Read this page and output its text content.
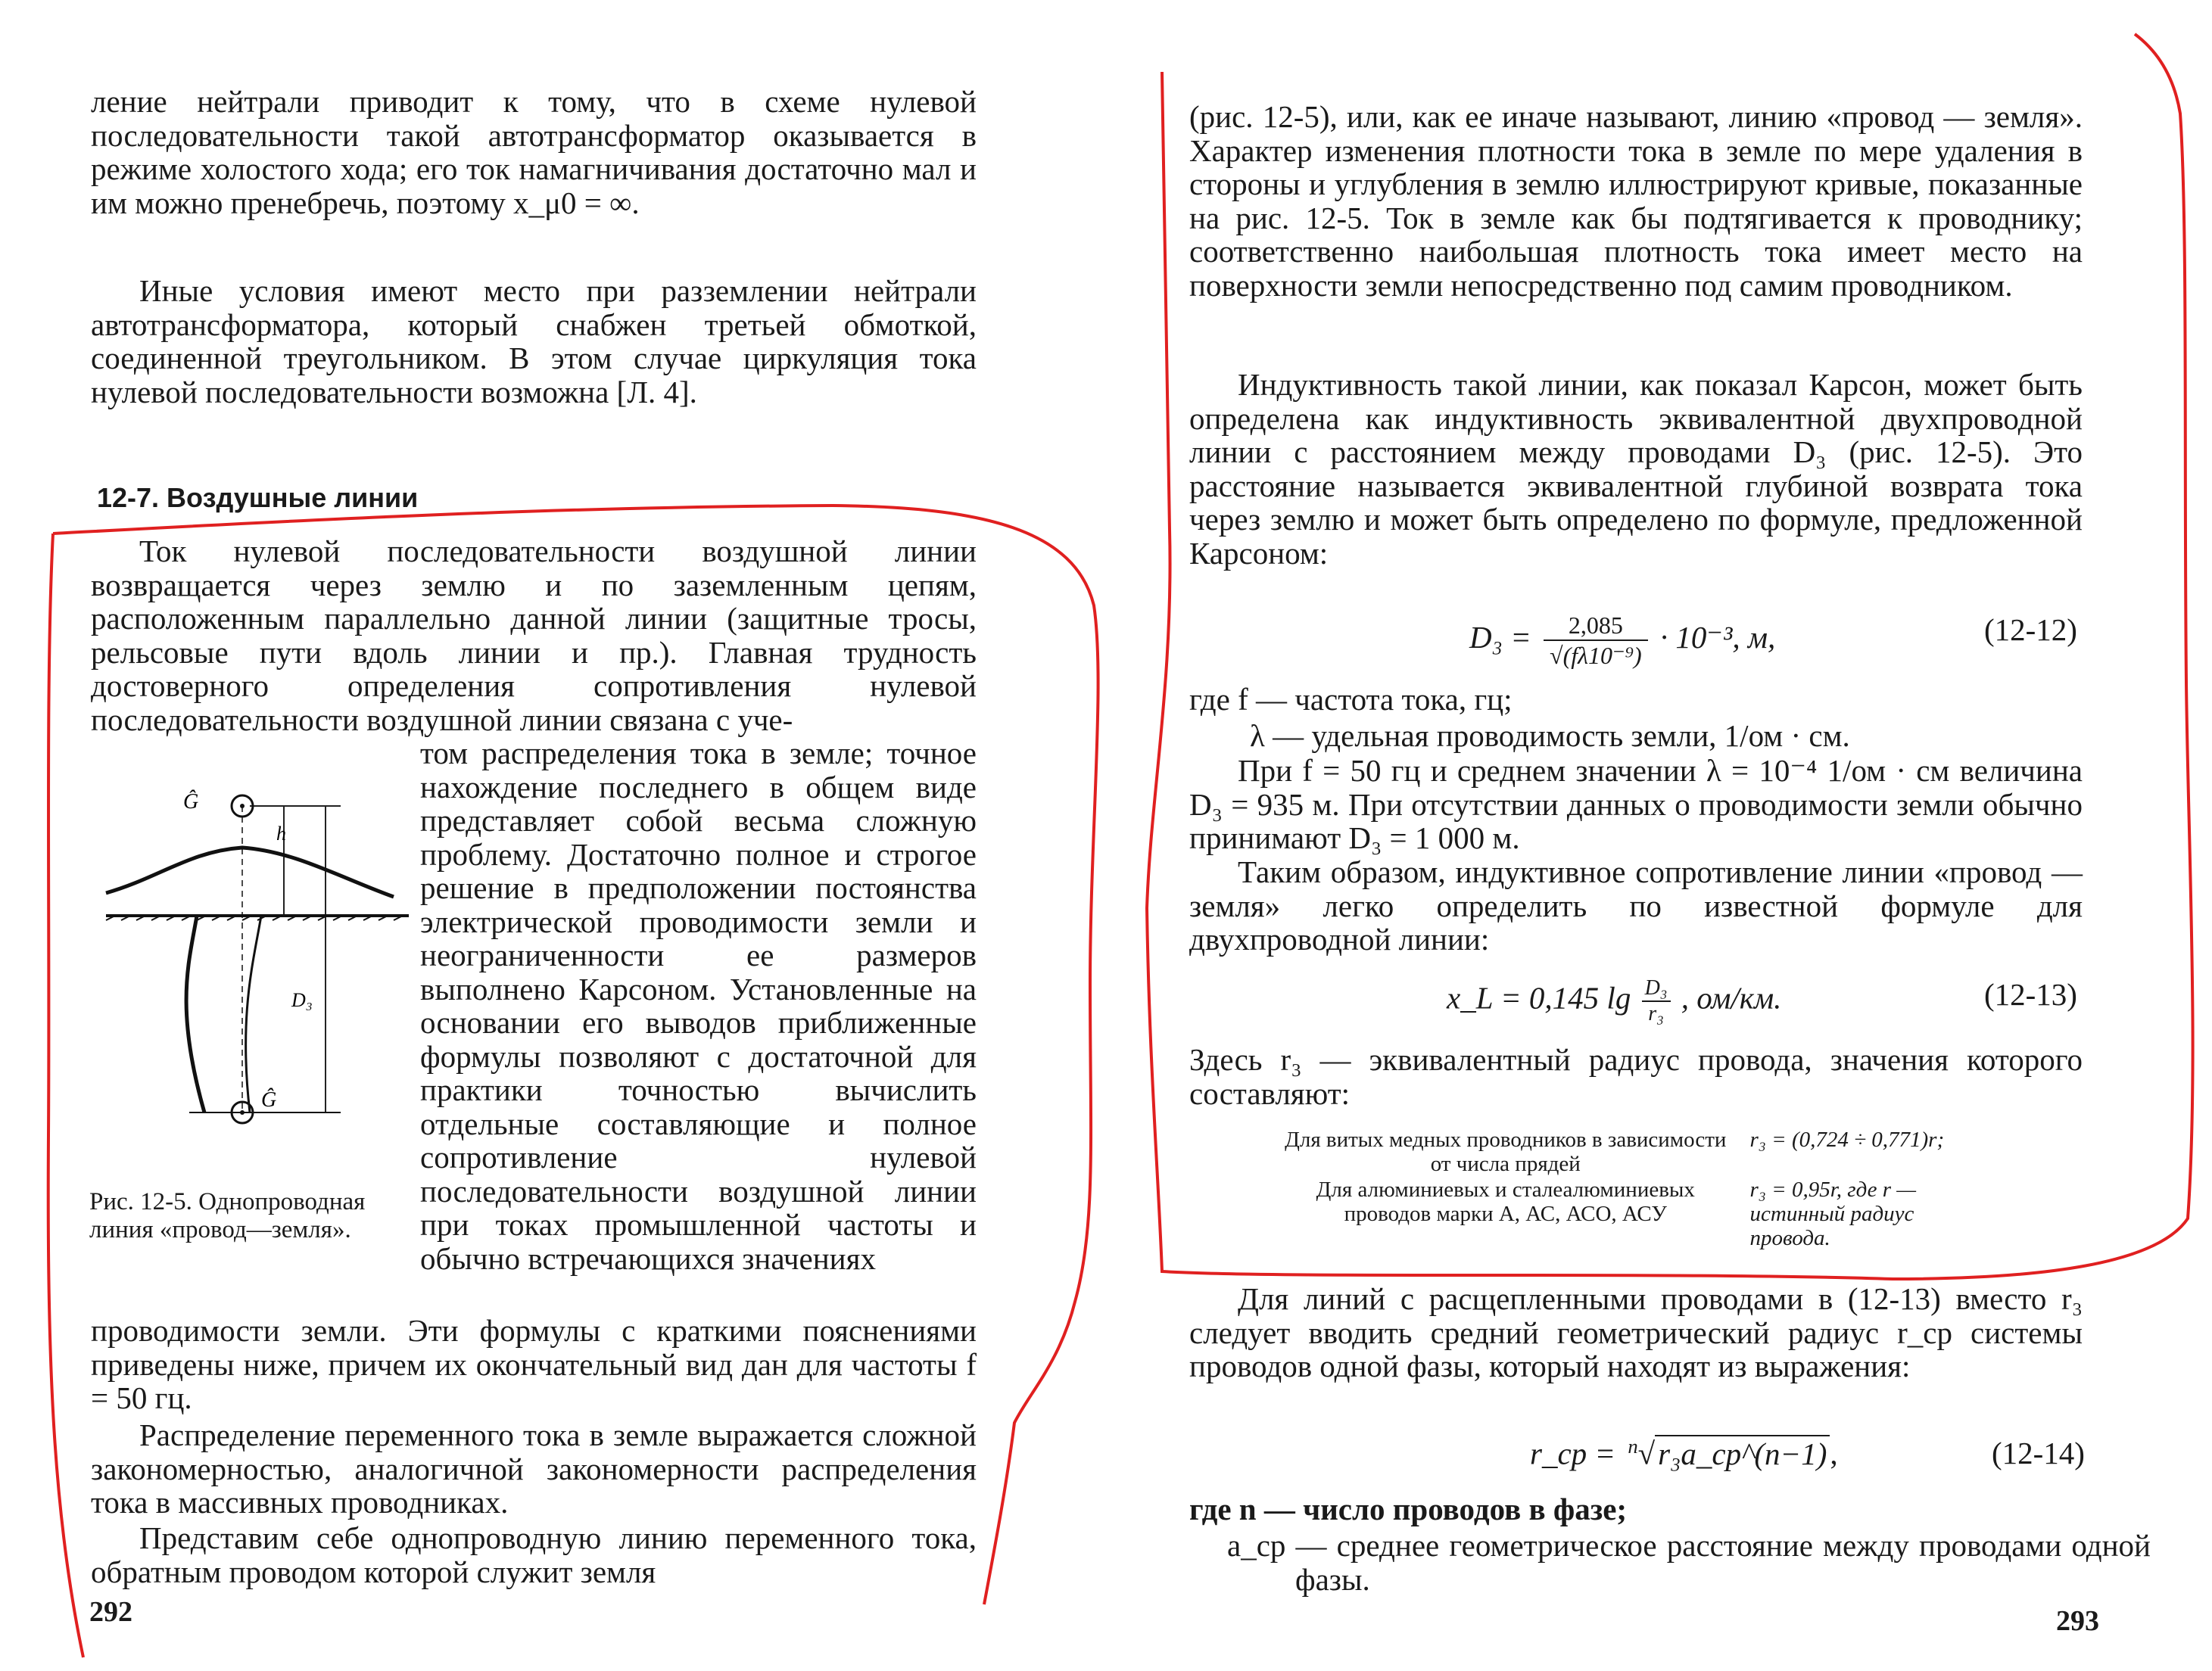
ление нейтрали приводит к тому, что в схеме нулевой последовательности такой автотрансформатор оказывается в режиме холостого хода; его ток намагничивания достаточно мал и им можно пренебречь, поэтому x_μ0 = ∞.

Иные условия имеют место при разземлении нейтрали автотрансформатора, который снабжен третьей обмоткой, соединенной треугольником. В этом случае циркуляция тока нулевой последовательности возможна [Л. 4].

12-7. Воздушные линии

Ток нулевой последовательности воздушной линии возвращается через землю и по заземленным цепям, расположенным параллельно данной линии (защитные тросы, рельсовые пути вдоль линии и пр.). Главная трудность достоверного определения сопротивления нулевой последовательности воздушной линии связана с уче-

Ĝ
h
D₃
Ĝ
Рис. 12-5. Однопроводная линия «провод—земля».

том распределения тока в земле; точное нахождение последнего в общем виде представляет собой весьма сложную проблему. Достаточно полное и строгое решение в предположении постоянства электрической проводимости земли и неограниченности ее размеров выполнено Карсоном. Установленные на основании его выводов приближенные формулы позволяют с достаточной для практики точностью вычислить отдельные составляющие и полное сопротивление нулевой последовательности воздушной линии при токах промышленной частоты и обычно встречающихся значениях

проводимости земли. Эти формулы с краткими пояснениями приведены ниже, причем их окончательный вид дан для частоты f = 50 гц.

Распределение переменного тока в земле выражается сложной закономерностью, аналогичной закономерности распределения тока в массивных проводниках.

Представим себе однопроводную линию переменного тока, обратным проводом которой служит земля

292

(рис. 12-5), или, как ее иначе называют, линию «провод — земля». Характер изменения плотности тока в земле по мере удаления в стороны и углубления в землю иллюстрируют кривые, показанные на рис. 12-5. Ток в земле как бы подтягивается к проводнику; соответственно наибольшая плотность тока имеет место на поверхности земли непосредственно под самим проводником.

Индуктивность такой линии, как показал Карсон, может быть определена как индуктивность эквивалентной двухпроводной линии с расстоянием между проводами D₃ (рис. 12-5). Это расстояние называется эквивалентной глубиной возврата тока через землю и может быть определено по формуле, предложенной Карсоном:

$D_3 = \frac{2,085}{\text{√(fλ10⁻⁹)}} \cdot 10^{-3}$, м,	(12-12)

где f — частота тока, гц;

λ — удельная проводимость земли, 1/ом · см.

При f = 50 гц и среднем значении λ = 10⁻⁴ 1/ом · см величина D₃ = 935 м. При отсутствии данных о проводимости земли обычно принимают D₃ = 1 000 м.

Таким образом, индуктивное сопротивление линии «провод — земля» легко определить по известной формуле для двухпроводной линии:

x_L = 0,145 $\lg \frac{\text{D₃}}{\text{r₃}}$ , ом/км.	(12-13)

Здесь r₃ — эквивалентный радиус провода, значения которого составляют:

Для витых медных проводников в зависимости от числа прядей	r₃ = (0,724 ÷ 0,771)r;
Для алюминиевых и сталеалюминиевых проводов марки А, АС, АСО, АСУ	r₃ = 0,95r, где r — истинный радиус провода.

Для линий с расщепленными проводами в (12-13) вместо r₃ следует вводить средний геометрический радиус r_ср системы проводов одной фазы, который находят из выражения:

r_ср = $^n$√r₃a_ср^(n−1),	(12-14)

где n — число проводов в фазе;

a_ср — среднее геометрическое расстояние между проводами одной фазы.

293
